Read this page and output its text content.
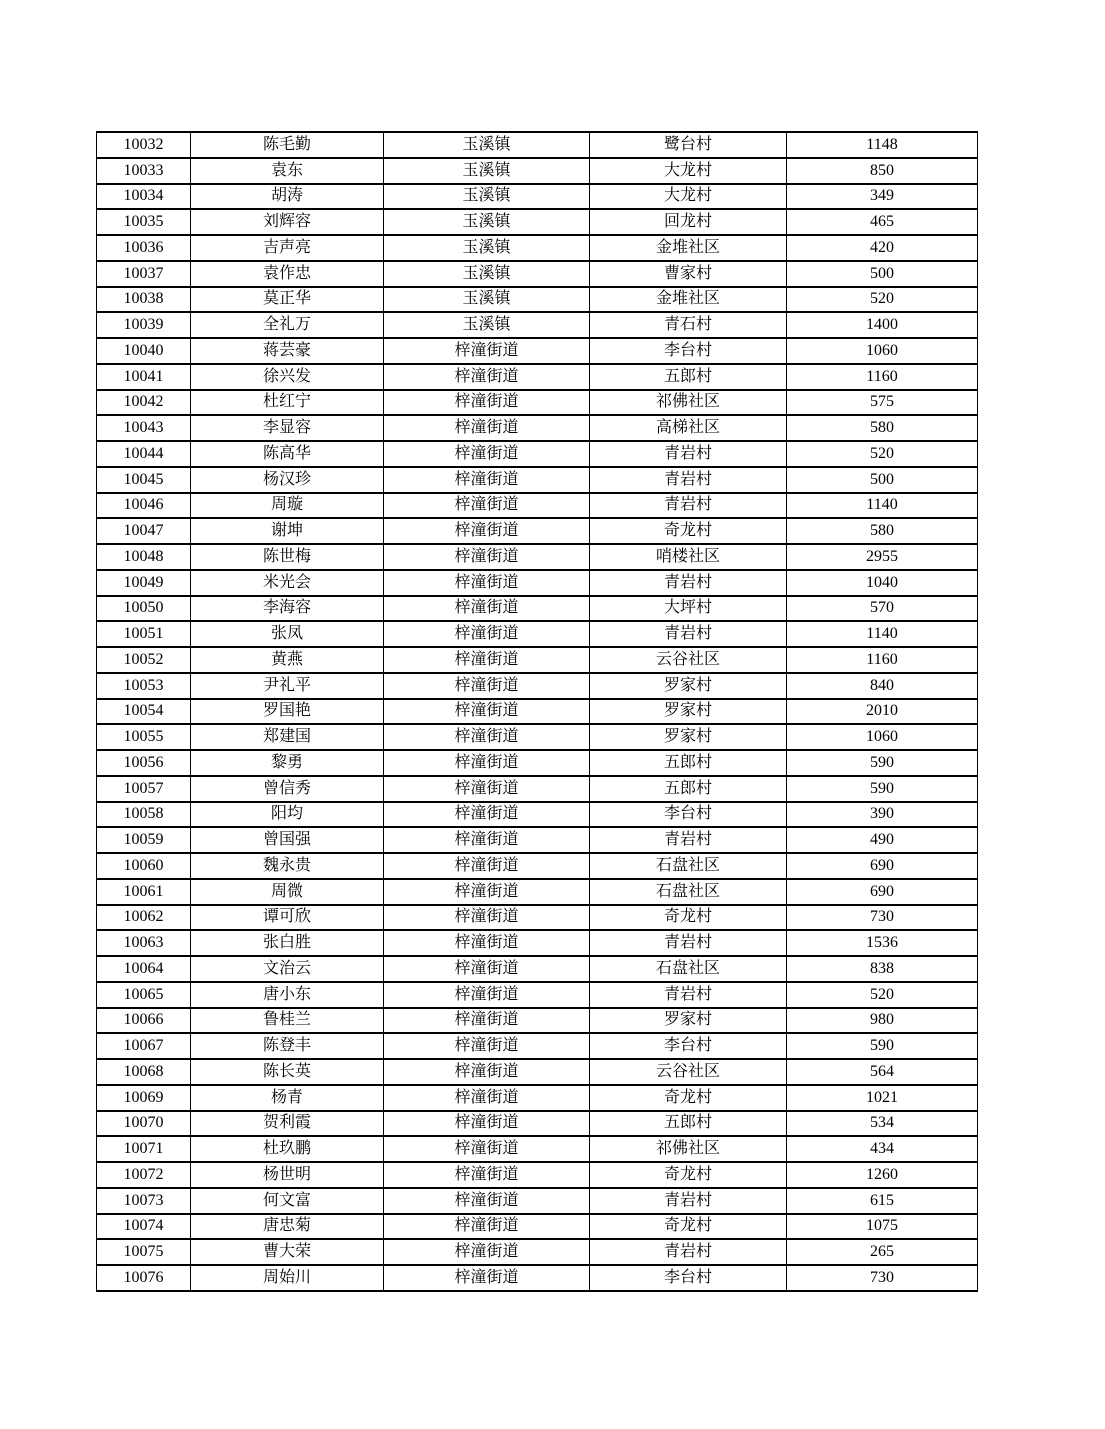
10032	陈毛勤	玉溪镇	鹭台村	1148
10033	袁东	玉溪镇	大龙村	850
10034	胡涛	玉溪镇	大龙村	349
10035	刘辉容	玉溪镇	回龙村	465
10036	吉声亮	玉溪镇	金堆社区	420
10037	袁作忠	玉溪镇	曹家村	500
10038	莫正华	玉溪镇	金堆社区	520
10039	全礼万	玉溪镇	青石村	1400
10040	蒋芸豪	梓潼街道	李台村	1060
10041	徐兴发	梓潼街道	五郎村	1160
10042	杜红宁	梓潼街道	祁佛社区	575
10043	李显容	梓潼街道	高梯社区	580
10044	陈高华	梓潼街道	青岩村	520
10045	杨汉珍	梓潼街道	青岩村	500
10046	周璇	梓潼街道	青岩村	1140
10047	谢坤	梓潼街道	奇龙村	580
10048	陈世梅	梓潼街道	哨楼社区	2955
10049	米光会	梓潼街道	青岩村	1040
10050	李海容	梓潼街道	大坪村	570
10051	张凤	梓潼街道	青岩村	1140
10052	黄燕	梓潼街道	云谷社区	1160
10053	尹礼平	梓潼街道	罗家村	840
10054	罗国艳	梓潼街道	罗家村	2010
10055	郑建国	梓潼街道	罗家村	1060
10056	黎勇	梓潼街道	五郎村	590
10057	曾信秀	梓潼街道	五郎村	590
10058	阳均	梓潼街道	李台村	390
10059	曾国强	梓潼街道	青岩村	490
10060	魏永贵	梓潼街道	石盘社区	690
10061	周微	梓潼街道	石盘社区	690
10062	谭可欣	梓潼街道	奇龙村	730
10063	张白胜	梓潼街道	青岩村	1536
10064	文治云	梓潼街道	石盘社区	838
10065	唐小东	梓潼街道	青岩村	520
10066	鲁桂兰	梓潼街道	罗家村	980
10067	陈登丰	梓潼街道	李台村	590
10068	陈长英	梓潼街道	云谷社区	564
10069	杨青	梓潼街道	奇龙村	1021
10070	贺利霞	梓潼街道	五郎村	534
10071	杜玖鹏	梓潼街道	祁佛社区	434
10072	杨世明	梓潼街道	奇龙村	1260
10073	何文富	梓潼街道	青岩村	615
10074	唐忠菊	梓潼街道	奇龙村	1075
10075	曹大荣	梓潼街道	青岩村	265
10076	周始川	梓潼街道	李台村	730
